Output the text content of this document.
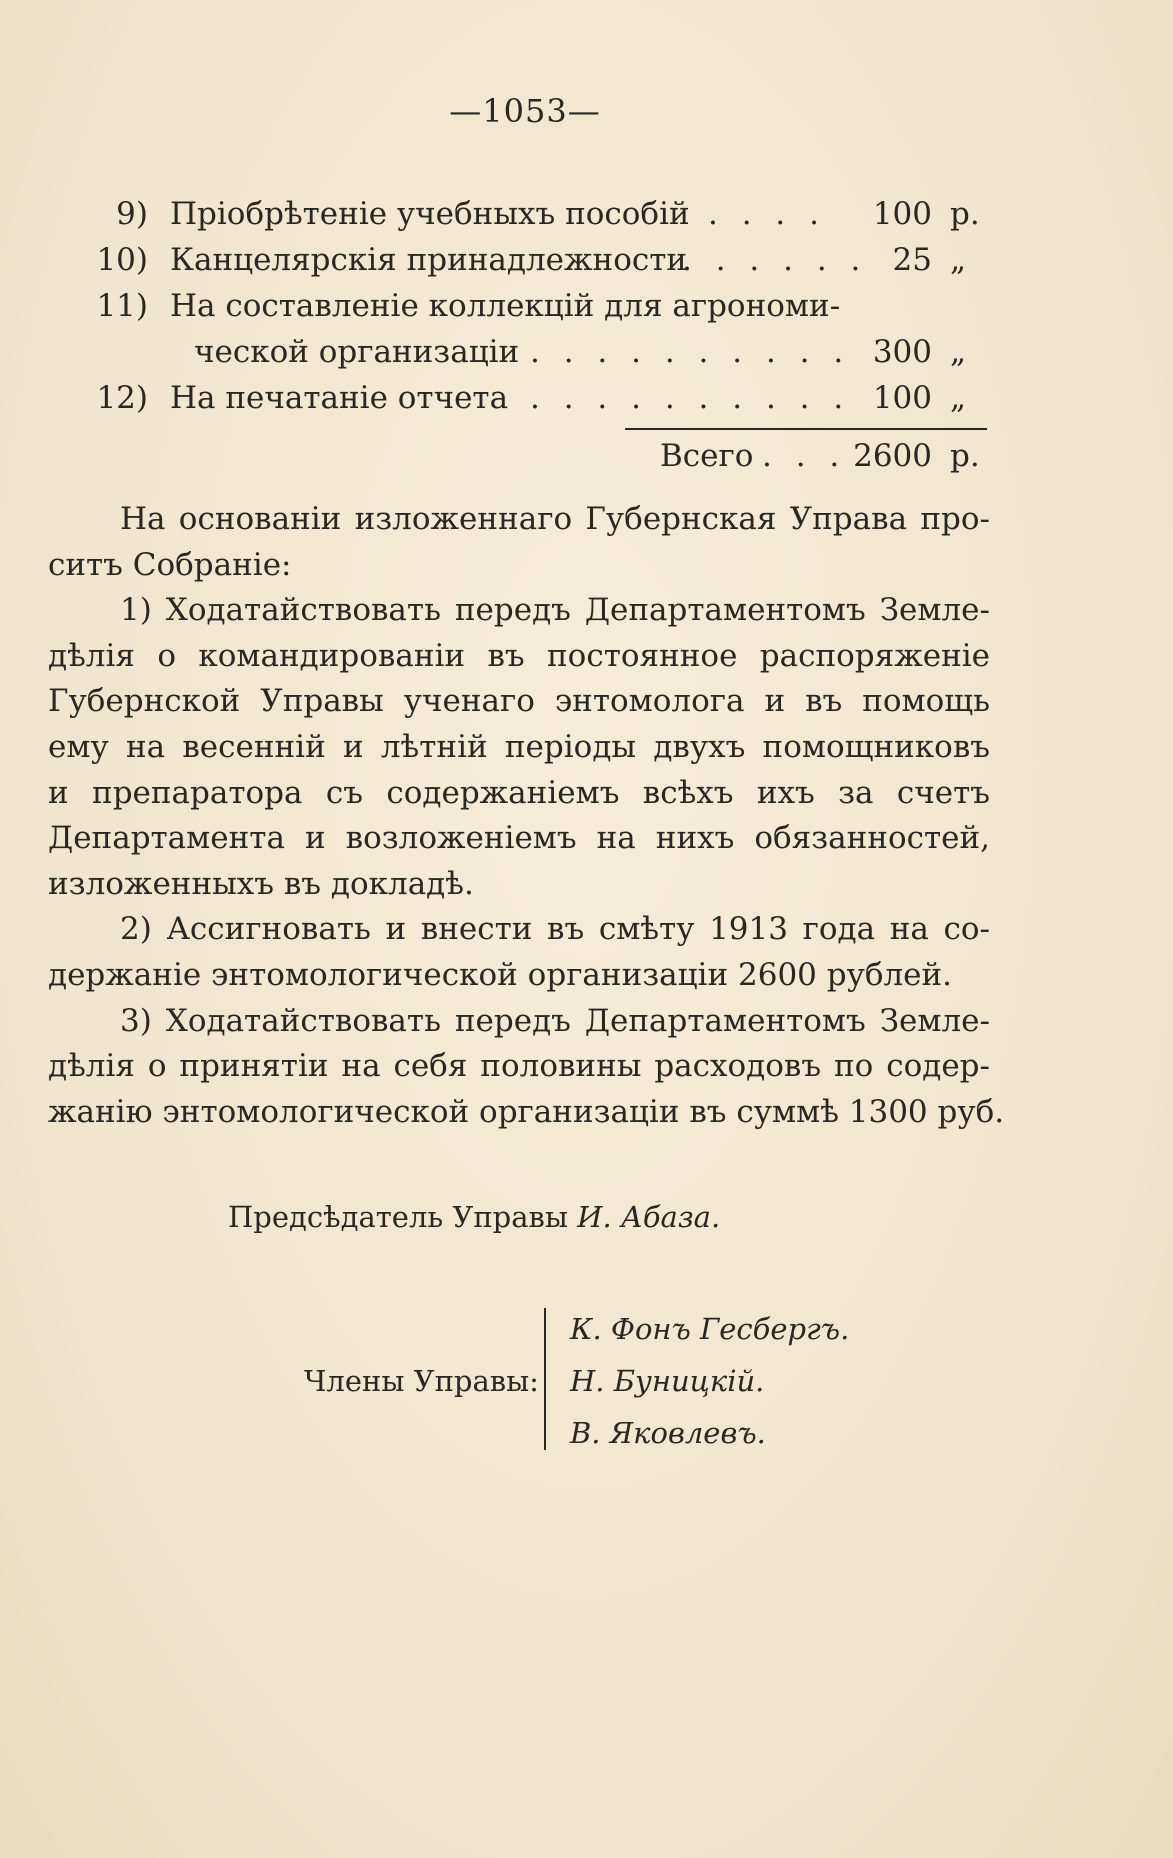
—1053—
9) Пріобрѣтеніе учебныхъ пособій . . . .	100 р.
10) Канцелярскія принадлежности
. . . . . . 25 „
11) На составленіе коллекцій для агрономи-
ческой организаціи . . . . . . . . . . 300 „
12) На печатаніе отчета . . . . . . . . . . 100 „
Всего . . . 2600 р.
На основаніи изложеннаго Губернская Управа про-
ситъ Собраніе:
1) Ходатайствовать передъ Департаментомъ Земле-
дѣлія о командированіи въ постоянное распоряженіе
Губернской Управы ученаго энтомолога и въ помощь
ему на весенній и лѣтній періоды двухъ помощниковъ
и препаратора съ содержаніемъ всѣхъ ихъ за счетъ
Департамента и возложеніемъ на нихъ обязанностей,
изложенныхъ въ докладѣ.
2) Ассигновать и внести въ смѣту 1913 года на со-
держаніе энтомологической организаціи 2600 рублей.
3) Ходатайствовать передъ Департаментомъ Земле-
дѣлія о принятіи на себя половины расходовъ по содер-
жанію энтомологической организаціи въ суммѣ 1300 руб.
Предсѣдатель Управы И. Абаза.
Члены Управы:
К. Фонъ Гесбергъ.
Н. Буницкій.
В. Яковлевъ.
